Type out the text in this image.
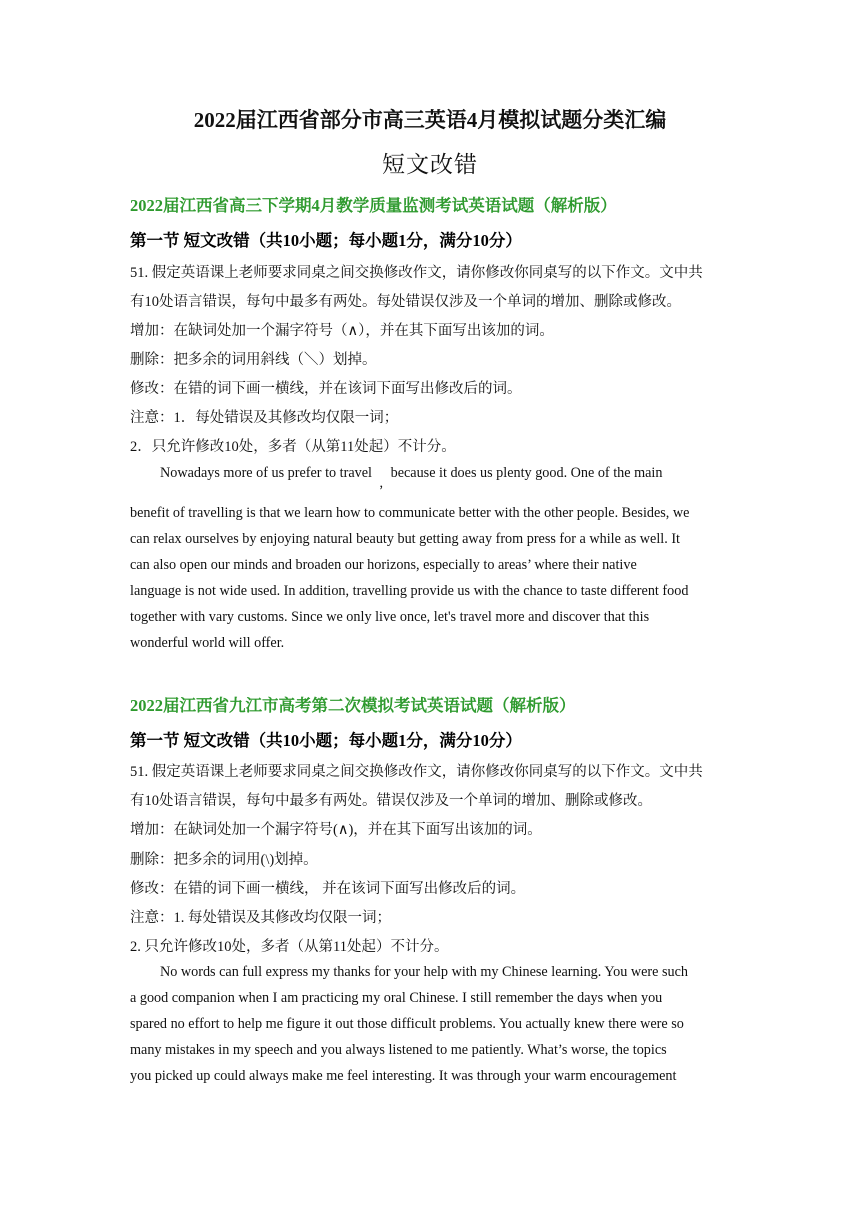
2022届江西省部分市高三英语4月模拟试题分类汇编
短文改错
2022届江西省高三下学期4月教学质量监测考试英语试题（解析版）
第一节 短文改错（共10小题；每小题1分，满分10分）
51. 假定英语课上老师要求同桌之间交换修改作文，请你修改你同桌写的以下作文。文中共
有10处语言错误，每句中最多有两处。每处错误仅涉及一个单词的增加、删除或修改。
增加：在缺词处加一个漏字符号（∧），并在其下面写出该加的词。
删除：把多余的词用斜线（＼）划掉。
修改：在错的词下画一横线，并在该词下面写出修改后的词。
注意：1．每处错误及其修改均仅限一词；
2．只允许修改10处，多者（从第11处起）不计分。
Nowadays more of us prefer to travel , because it does us plenty good. One of the main
benefit of travelling is that we learn how to communicate better with the other people. Besides, we
can relax ourselves by enjoying natural beauty but getting away from press for a while as well. It
can also open our minds and broaden our horizons, especially to areas’ where their native
language is not wide used. In addition, travelling provide us with the chance to taste different food
together with vary customs. Since we only live once, let's travel more and discover that this
wonderful world will offer.
2022届江西省九江市高考第二次模拟考试英语试题（解析版）
第一节 短文改错（共10小题；每小题1分，满分10分）
51. 假定英语课上老师要求同桌之间交换修改作文，请你修改你同桌写的以下作文。文中共
有10处语言错误，每句中最多有两处。错误仅涉及一个单词的增加、删除或修改。
增加：在缺词处加一个漏字符号(∧)，并在其下面写出该加的词。
删除：把多余的词用(\)划掉。
修改：在错的词下画一横线， 并在该词下面写出修改后的词。
注意：1. 每处错误及其修改均仅限一词；
2. 只允许修改10处，多者（从第11处起）不计分。
No words can full express my thanks for your help with my Chinese learning. You were such
a good companion when I am practicing my oral Chinese. I still remember the days when you
spared no effort to help me figure it out those difficult problems. You actually knew there were so
many mistakes in my speech and you always listened to me patiently. What’s worse, the topics
you picked up could always make me feel interesting. It was through your warm encouragement
